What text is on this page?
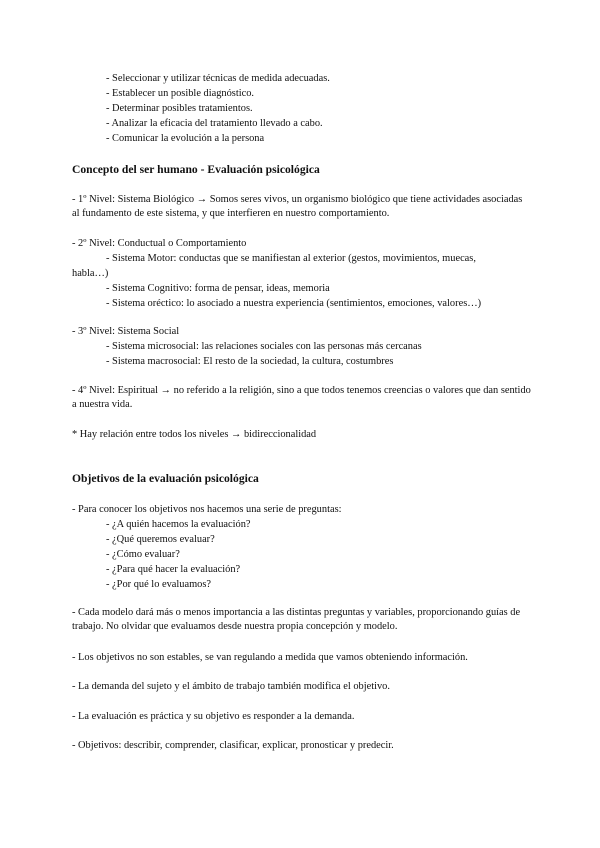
- Seleccionar y utilizar técnicas de medida adecuadas.
- Establecer un posible diagnóstico.
- Determinar posibles tratamientos.
- Analizar la eficacia del tratamiento llevado a cabo.
- Comunicar la evolución a la persona
Concepto del ser humano - Evaluación psicológica
- 1º Nivel: Sistema Biológico → Somos seres vivos, un organismo biológico que tiene actividades asociadas al fundamento de este sistema, y que interfieren en nuestro comportamiento.
- 2º Nivel: Conductual o Comportamiento
- Sistema Motor: conductas que se manifiestan al exterior (gestos, movimientos, muecas,
habla…)
- Sistema Cognitivo: forma de pensar, ideas, memoria
- Sistema oréctico: lo asociado a nuestra experiencia (sentimientos, emociones, valores…)
- 3º Nivel: Sistema Social
- Sistema microsocial: las relaciones sociales con las personas más cercanas
- Sistema macrosocial: El resto de la sociedad, la cultura, costumbres
- 4º Nivel: Espiritual → no referido a la religión, sino a que todos tenemos creencias o valores que dan sentido a nuestra vida.
* Hay relación entre todos los niveles → bidireccionalidad
Objetivos de la evaluación psicológica
- Para conocer los objetivos nos hacemos una serie de preguntas:
- ¿A quién hacemos la evaluación?
- ¿Qué queremos evaluar?
- ¿Cómo evaluar?
- ¿Para qué hacer la evaluación?
- ¿Por qué lo evaluamos?
- Cada modelo dará más o menos importancia a las distintas preguntas y variables, proporcionando guías de trabajo. No olvidar que evaluamos desde nuestra propia concepción y modelo.
- Los objetivos no son estables, se van regulando a medida que vamos obteniendo información.
- La demanda del sujeto y el ámbito de trabajo también modifica el objetivo.
- La evaluación es práctica y su objetivo es responder a la demanda.
- Objetivos: describir, comprender, clasificar, explicar, pronosticar y predecir.
